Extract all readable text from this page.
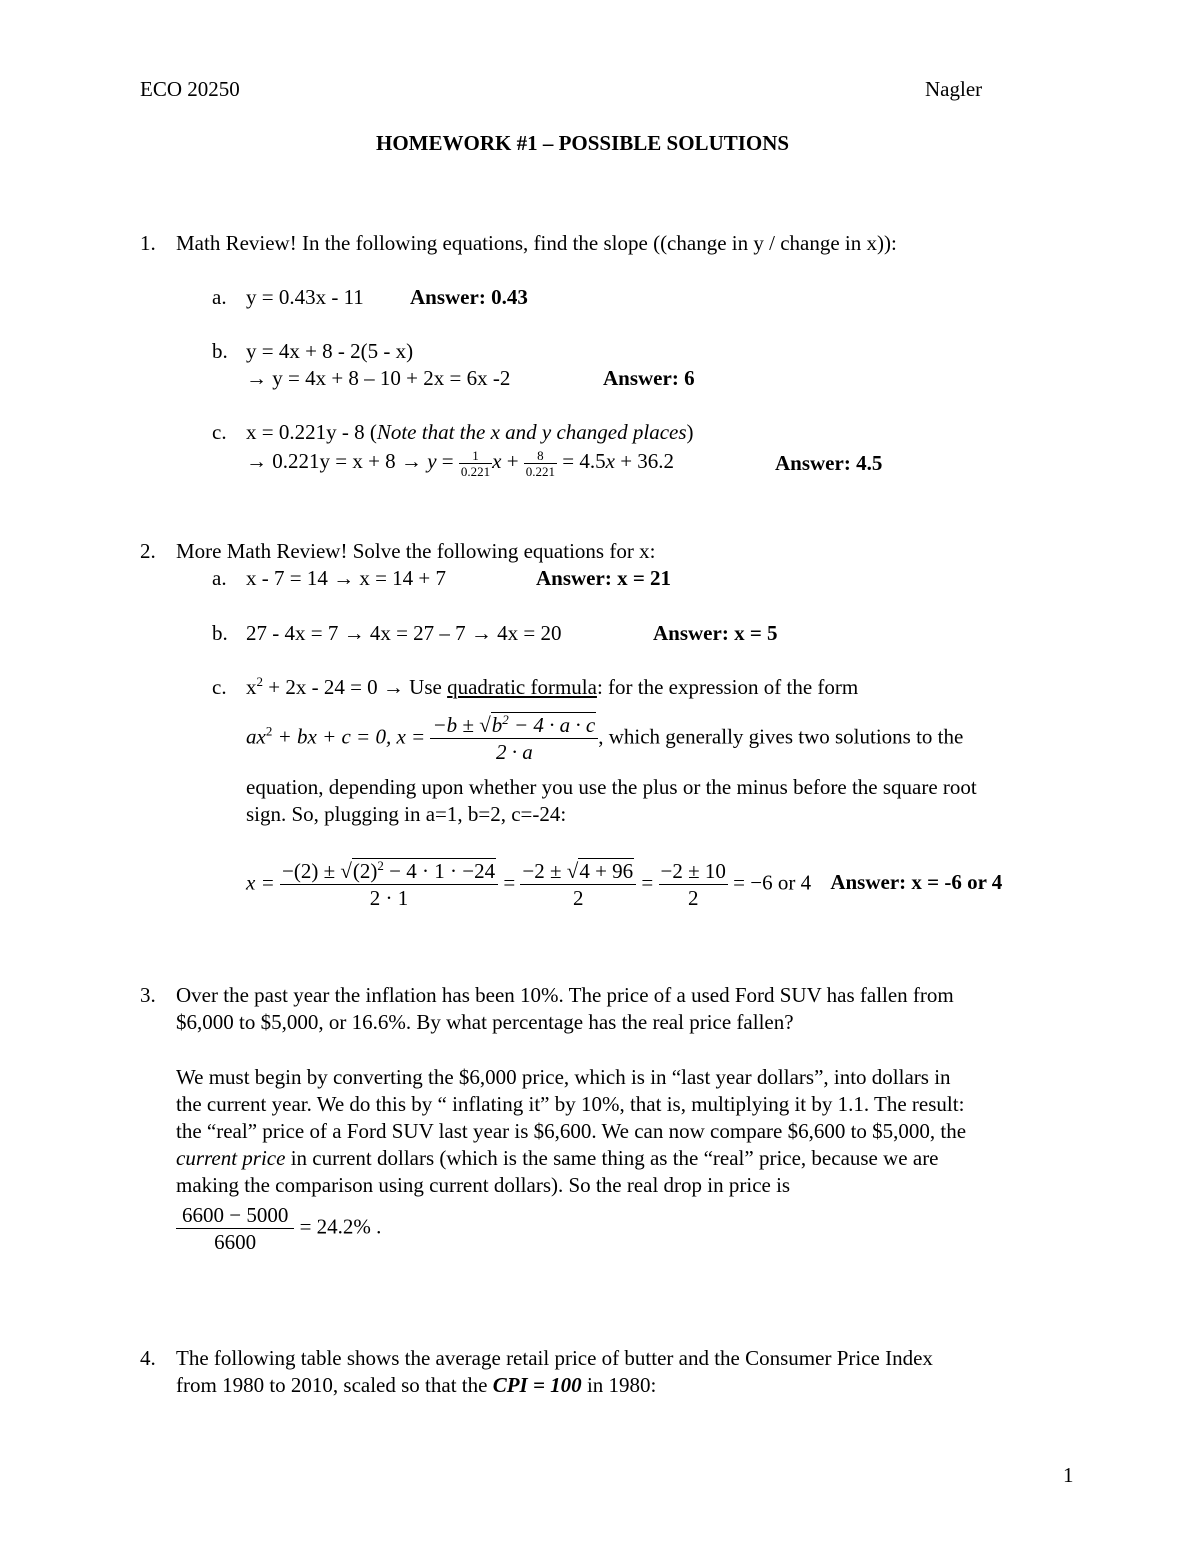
ECO 20250	Nagler
HOMEWORK #1 – POSSIBLE SOLUTIONS
1. Math Review! In the following equations, find the slope ((change in y / change in x)):
a. y = 0.43x - 11 Answer: 0.43
b. y = 4x + 8 - 2(5 - x)
→ y = 4x + 8 – 10 + 2x = 6x -2	Answer: 6
c. x = 0.221y - 8 (Note that the x and y changed places)
→ $0.221y = x + 8 \to y = \frac{1}{0.221}$ $x + \frac{8}{0.221} = 4.5x + 36.2$	Answer: 4.5
2. More Math Review! Solve the following equations for x:
a. x - 7 = 14 → x = 14 + 7	Answer: x = 21
b. 27 - 4x = 7 → 4x = 27 – 7 → 4x = 20	Answer: x = 5
c. $x^2 + 2x - 24 = 0$ → Use quadratic formula: for the expression of the form
$ax^2$ + bx + c = 0, $x = \frac{-b \pm √b^2 - 4 \cdot a \cdot c}{2 \cdot a}$ , which generally gives two solutions to the
equation, depending upon whether you use the plus or the minus before the square root
sign. So, plugging in a=1, b=2, c=-24:
$x = \frac{-(2) \pm √(2)^2 - 4 \cdot 1 \cdot -24}{2 \cdot 1} = \frac{-2 \pm √4 + 96}{2} = \frac{-2 \pm 10}{2} = -6$ or 4 Answer: x = -6 or 4
3. Over the past year the inflation has been 10%. The price of a used Ford SUV has fallen from
$6,000 to $5,000, or 16.6%. By what percentage has the real price fallen?
We must begin by converting the $6,000 price, which is in “last year dollars”, into dollars in
the current year. We do this by “ inflating it” by 10%, that is, multiplying it by 1.1. The result:
the “real” price of a Ford SUV last year is $6,600. We can now compare $6,600 to $5,000, the
current price in current dollars (which is the same thing as the “real” price, because we are
making the comparison using current dollars). So the real drop in price is
$\frac{6600 - 5000}{6600} = 24.2\%$ .
4. The following table shows the average retail price of butter and the Consumer Price Index
from 1980 to 2010, scaled so that the CPI = 100 in 1980:
1
